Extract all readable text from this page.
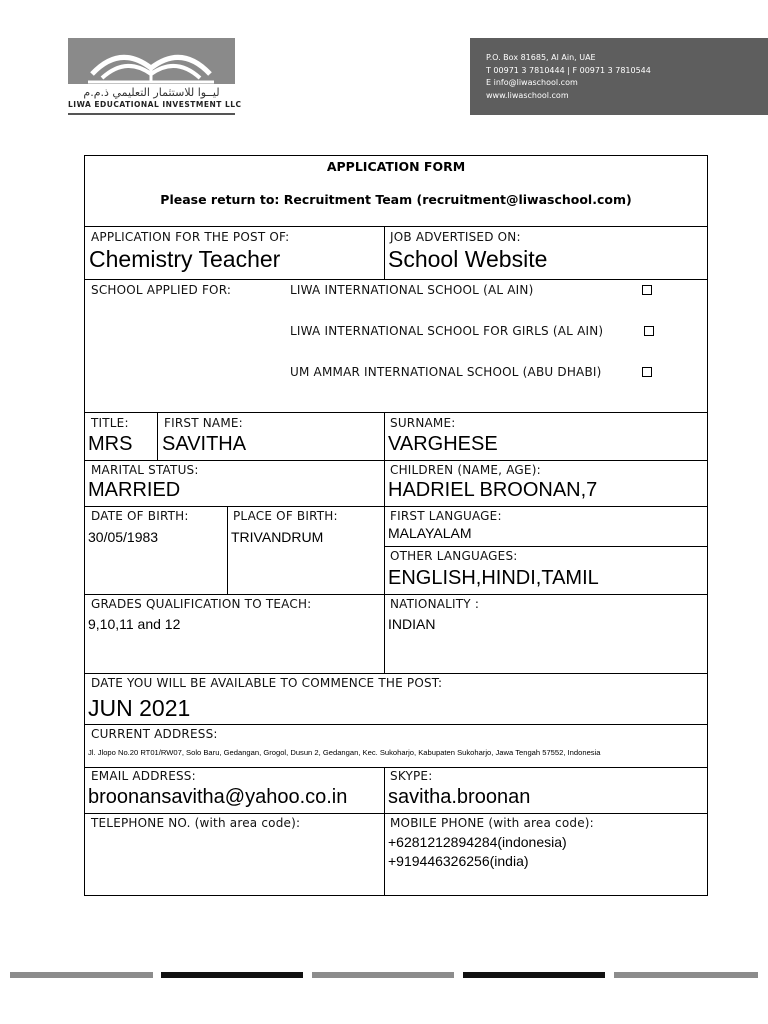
ليــوا للاستثمار التعليمي ذ.م.م
LIWA EDUCATIONAL INVESTMENT LLC
P.O. Box 81685, Al Ain, UAE
T 00971 3 7810444 | F 00971 3 7810544
E info@liwaschool.com
www.liwaschool.com
APPLICATION FORM
Please return to: Recruitment Team (recruitment@liwaschool.com)
APPLICATION FOR THE POST OF:
Chemistry Teacher
JOB ADVERTISED ON:
School Website
SCHOOL APPLIED FOR:	LIWA INTERNATIONAL SCHOOL (AL AIN)
LIWA INTERNATIONAL SCHOOL FOR GIRLS (AL AIN)
UM AMMAR INTERNATIONAL SCHOOL (ABU DHABI)
TITLE:
MRS
FIRST NAME:
SAVITHA
SURNAME:
VARGHESE
MARITAL STATUS:
MARRIED
CHILDREN (NAME, AGE):
HADRIEL BROONAN,7
DATE OF BIRTH:
30/05/1983
PLACE OF BIRTH:
TRIVANDRUM
FIRST LANGUAGE:
MALAYALAM
OTHER LANGUAGES:
ENGLISH,HINDI,TAMIL
GRADES QUALIFICATION TO TEACH:
9,10,11 and 12
NATIONALITY :
INDIAN
DATE YOU WILL BE AVAILABLE TO COMMENCE THE POST:
JUN 2021
CURRENT ADDRESS:
Jl. Jlopo No.20 RT01/RW07, Solo Baru, Gedangan, Grogol, Dusun 2, Gedangan, Kec. Sukoharjo, Kabupaten Sukoharjo, Jawa Tengah 57552, Indonesia
EMAIL ADDRESS:
broonansavitha@yahoo.co.in
SKYPE:
savitha.broonan
TELEPHONE NO. (with area code):	MOBILE PHONE (with area code):
+6281212894284(indonesia)
+919446326256(india)
